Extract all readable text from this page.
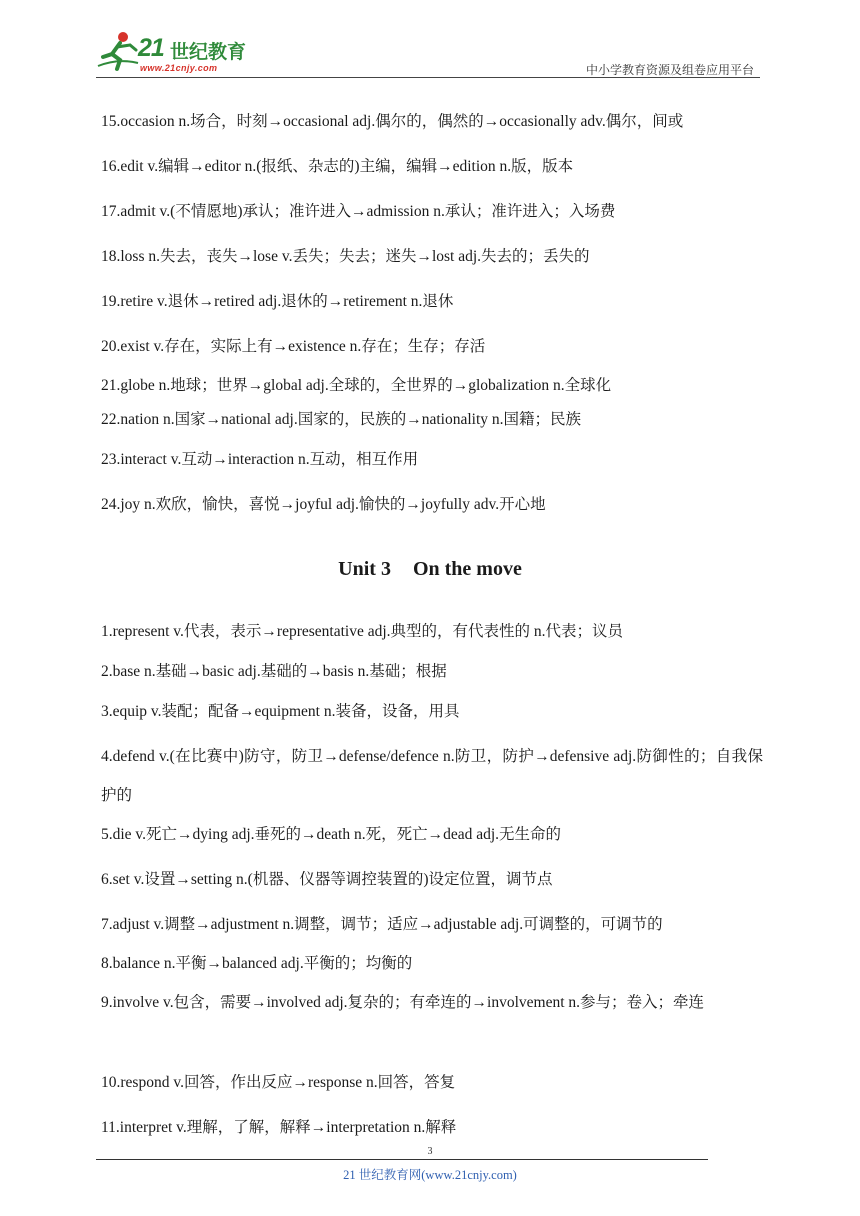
21 世纪教育
www.21cnjy.com	中小学教育资源及组卷应用平台
15.occasion n.场合，时刻→occasional adj.偶尔的，偶然的→occasionally adv.偶尔，间或
16.edit v.编辑→editor n.(报纸、杂志的)主编，编辑→edition n.版，版本
17.admit v.(不情愿地)承认；准许进入→admission n.承认；准许进入；入场费
18.loss n.失去，丧失→lose v.丢失；失去；迷失→lost adj.失去的；丢失的
19.retire v.退休→retired adj.退休的→retirement n.退休
20.exist v.存在，实际上有→existence n.存在；生存；存活
21.globe n.地球；世界→global adj.全球的，全世界的→globalization n.全球化
22.nation n.国家→national adj.国家的，民族的→nationality n.国籍；民族
23.interact v.互动→interaction n.互动，相互作用
24.joy n.欢欣，愉快，喜悦→joyful adj.愉快的→joyfully adv.开心地
Unit 3 On the move
1.represent v.代表，表示→representative adj.典型的，有代表性的 n.代表；议员
2.base n.基础→basic adj.基础的→basis n.基础；根据
3.equip v.装配；配备→equipment n.装备，设备，用具
4.defend v.(在比赛中)防守，防卫→defense/defence n.防卫，防护→defensive adj.防御性的；自我保护的
5.die v.死亡→dying adj.垂死的→death n.死，死亡→dead adj.无生命的
6.set v.设置→setting n.(机器、仪器等调控装置的)设定位置，调节点
7.adjust v.调整→adjustment n.调整，调节；适应→adjustable adj.可调整的，可调节的
8.balance n.平衡→balanced adj.平衡的；均衡的
9.involve v.包含，需要→involved adj.复杂的；有牵连的→involvement n.参与；卷入；牵连
10.respond v.回答，作出反应→response n.回答，答复
11.interpret v.理解，了解，解释→interpretation n.解释
3
21 世纪教育网(www.21cnjy.com)
